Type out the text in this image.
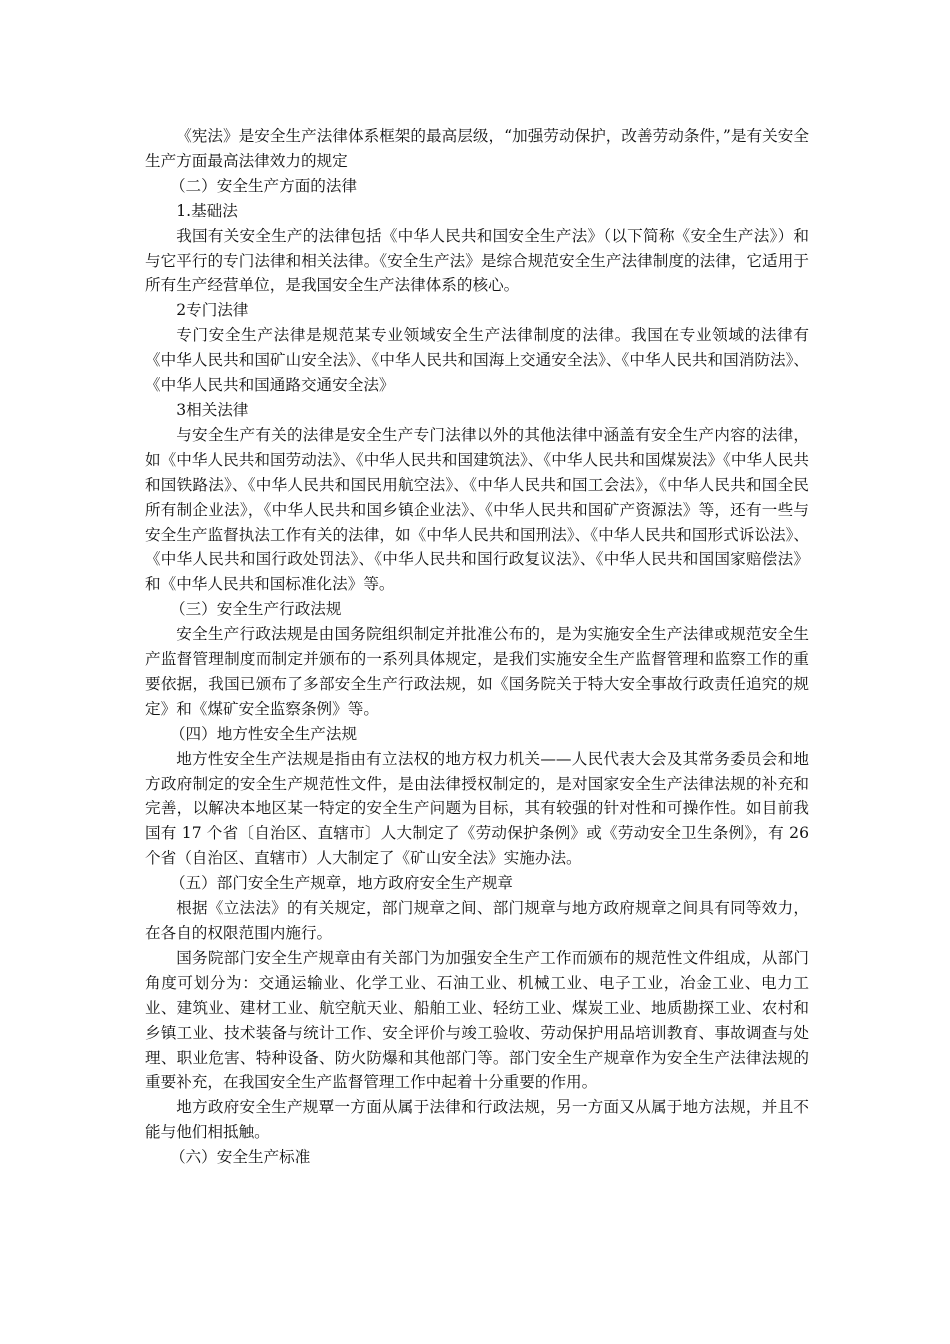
《宪法》是安全生产法律体系框架的最高层级，“加强劳动保护，改善劳动条件，”是有关安全生产方面最高法律效力的规定

（二）安全生产方面的法律

1.基础法

我国有关安全生产的法律包括《中华人民共和国安全生产法》（以下简称《安全生产法》）和与它平行的专门法律和相关法律。《安全生产法》是综合规范安全生产法律制度的法律，它适用于所有生产经营单位，是我国安全生产法律体系的核心。

2专门法律

专门安全生产法律是规范某专业领域安全生产法律制度的法律。我国在专业领域的法律有《中华人民共和国矿山安全法》、《中华人民共和国海上交通安全法》、《中华人民共和国消防法》、《中华人民共和国通路交通安全法》

3相关法律

与安全生产有关的法律是安全生产专门法律以外的其他法律中涵盖有安全生产内容的法律，如《中华人民共和国劳动法》、《中华人民共和国建筑法》、《中华人民共和国煤炭法》《中华人民共和国铁路法》、《中华人民共和国民用航空法》、《中华人民共和国工会法》，《中华人民共和国全民所有制企业法》，《中华人民共和国乡镇企业法》、《中华人民共和国矿产资源法》等，还有一些与安全生产监督执法工作有关的法律，如《中华人民共和国刑法》、《中华人民共和国形式诉讼法》、《中华人民共和国行政处罚法》、《中华人民共和国行政复议法》、《中华人民共和国国家赔偿法》和《中华人民共和国标准化法》等。

（三）安全生产行政法规

安全生产行政法规是由国务院组织制定并批准公布的，是为实施安全生产法律或规范安全生产监督管理制度而制定并颁布的一系列具体规定，是我们实施安全生产监督管理和监察工作的重要依据，我国已颁布了多部安全生产行政法规，如《国务院关于特大安全事故行政责任追究的规定》和《煤矿安全监察条例》等。

（四）地方性安全生产法规

地方性安全生产法规是指由有立法权的地方权力机关——人民代表大会及其常务委员会和地方政府制定的安全生产规范性文件，是由法律授权制定的，是对国家安全生产法律法规的补充和完善，以解决本地区某一特定的安全生产问题为目标，其有较强的针对性和可操作性。如目前我国有 17 个省〔自治区、直辖市〕人大制定了《劳动保护条例》或《劳动安全卫生条例》，有 26 个省（自治区、直辖市）人大制定了《矿山安全法》实施办法。

（五）部门安全生产规章，地方政府安全生产规章

根据《立法法》的有关规定，部门规章之间、部门规章与地方政府规章之间具有同等效力，在各自的权限范围内施行。

国务院部门安全生产规章由有关部门为加强安全生产工作而颁布的规范性文件组成，从部门角度可划分为：交通运输业、化学工业、石油工业、机械工业、电子工业，冶金工业、电力工业、建筑业、建材工业、航空航天业、船舶工业、轻纺工业、煤炭工业、地质勘探工业、农村和乡镇工业、技术装备与统计工作、安全评价与竣工验收、劳动保护用品培训教育、事故调查与处理、职业危害、特种设备、防火防爆和其他部门等。部门安全生产规章作为安全生产法律法规的重要补充，在我国安全生产监督管理工作中起着十分重要的作用。

地方政府安全生产规覃一方面从属于法律和行政法规，另一方面又从属于地方法规，并且不能与他们相抵触。

（六）安全生产标准
